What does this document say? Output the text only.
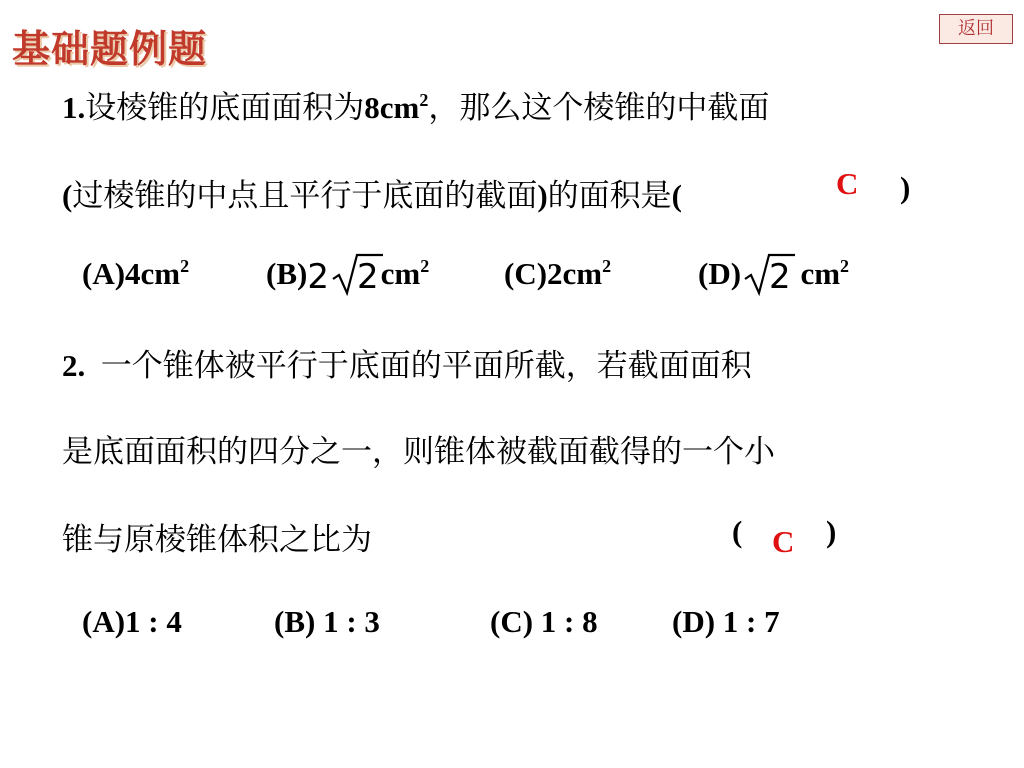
基础题例题	返回
1.设棱锥的底面面积为$8cm^2$，那么这个棱锥的中截面
(过棱锥的中点且平行于底面的截面)的面积是(	C )
$(A)4cm^2$ (B)2 $2cm^2$ $(C)2cm^2$	(D) 2 $cm^2$
2. 一个锥体被平行于底面的平面所截，若截面面积
是底面面积的四分之一，则锥体被截面截得的一个小
锥与原棱锥体积之比为	( C )
(A)1 : 4	(B) 1 : 3	(C) 1 : 8 (D) 1 : 7
